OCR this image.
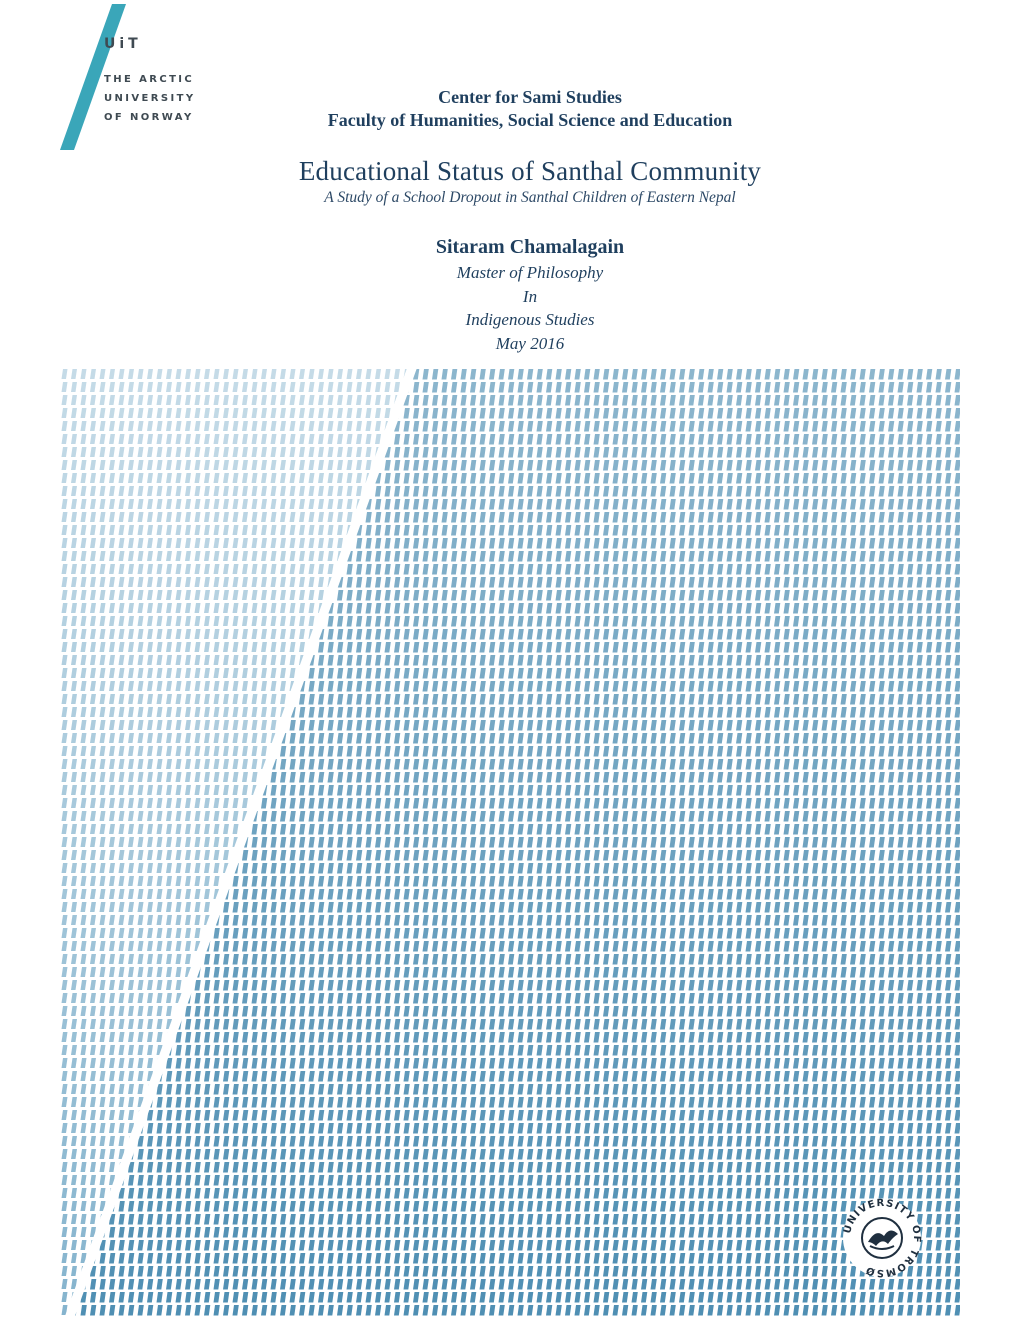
UiT
THE ARCTIC
UNIVERSITY
OF NORWAY
Center for Sami Studies
Faculty of Humanities, Social Science and Education
Educational Status of Santhal Community
A Study of a School Dropout in Santhal Children of Eastern Nepal
Sitaram Chamalagain
Master of Philosophy
In
Indigenous Studies
May 2016
UNIVERSITY OF TROMSØ
